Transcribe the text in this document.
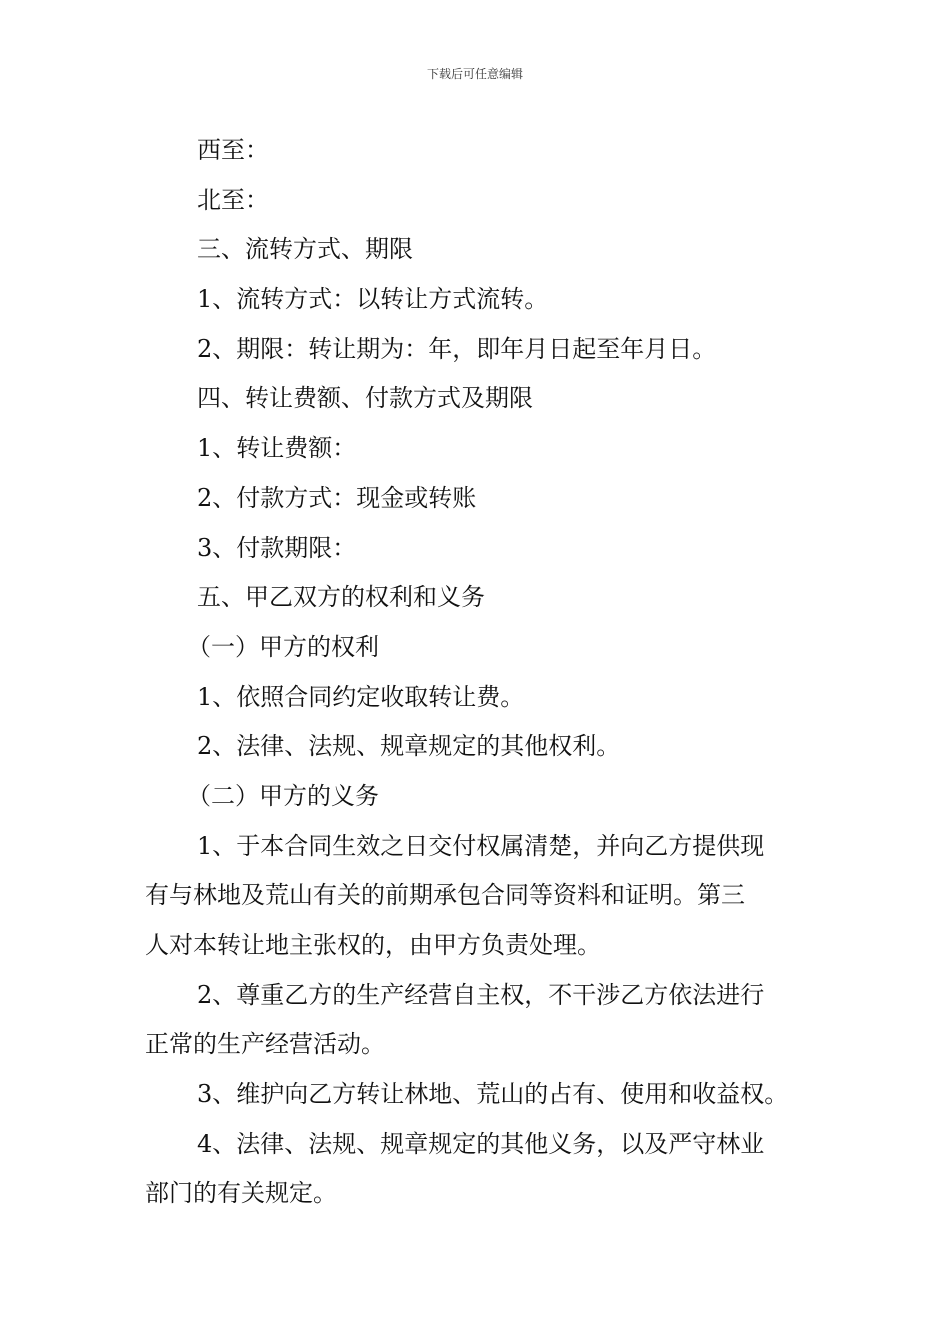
下载后可任意编辑
西至：
北至：
三、流转方式、期限
1、流转方式：以转让方式流转。
2、期限：转让期为：年，即年月日起至年月日。
四、转让费额、付款方式及期限
1、转让费额：
2、付款方式：现金或转账
3、付款期限：
五、甲乙双方的权利和义务
（一）甲方的权利
1、依照合同约定收取转让费。
2、法律、法规、规章规定的其他权利。
（二）甲方的义务
1、于本合同生效之日交付权属清楚，并向乙方提供现
有与林地及荒山有关的前期承包合同等资料和证明。第三
人对本转让地主张权的，由甲方负责处理。
2、尊重乙方的生产经营自主权，不干涉乙方依法进行
正常的生产经营活动。
3、维护向乙方转让林地、荒山的占有、使用和收益权。
4、法律、法规、规章规定的其他义务，以及严守林业
部门的有关规定。
